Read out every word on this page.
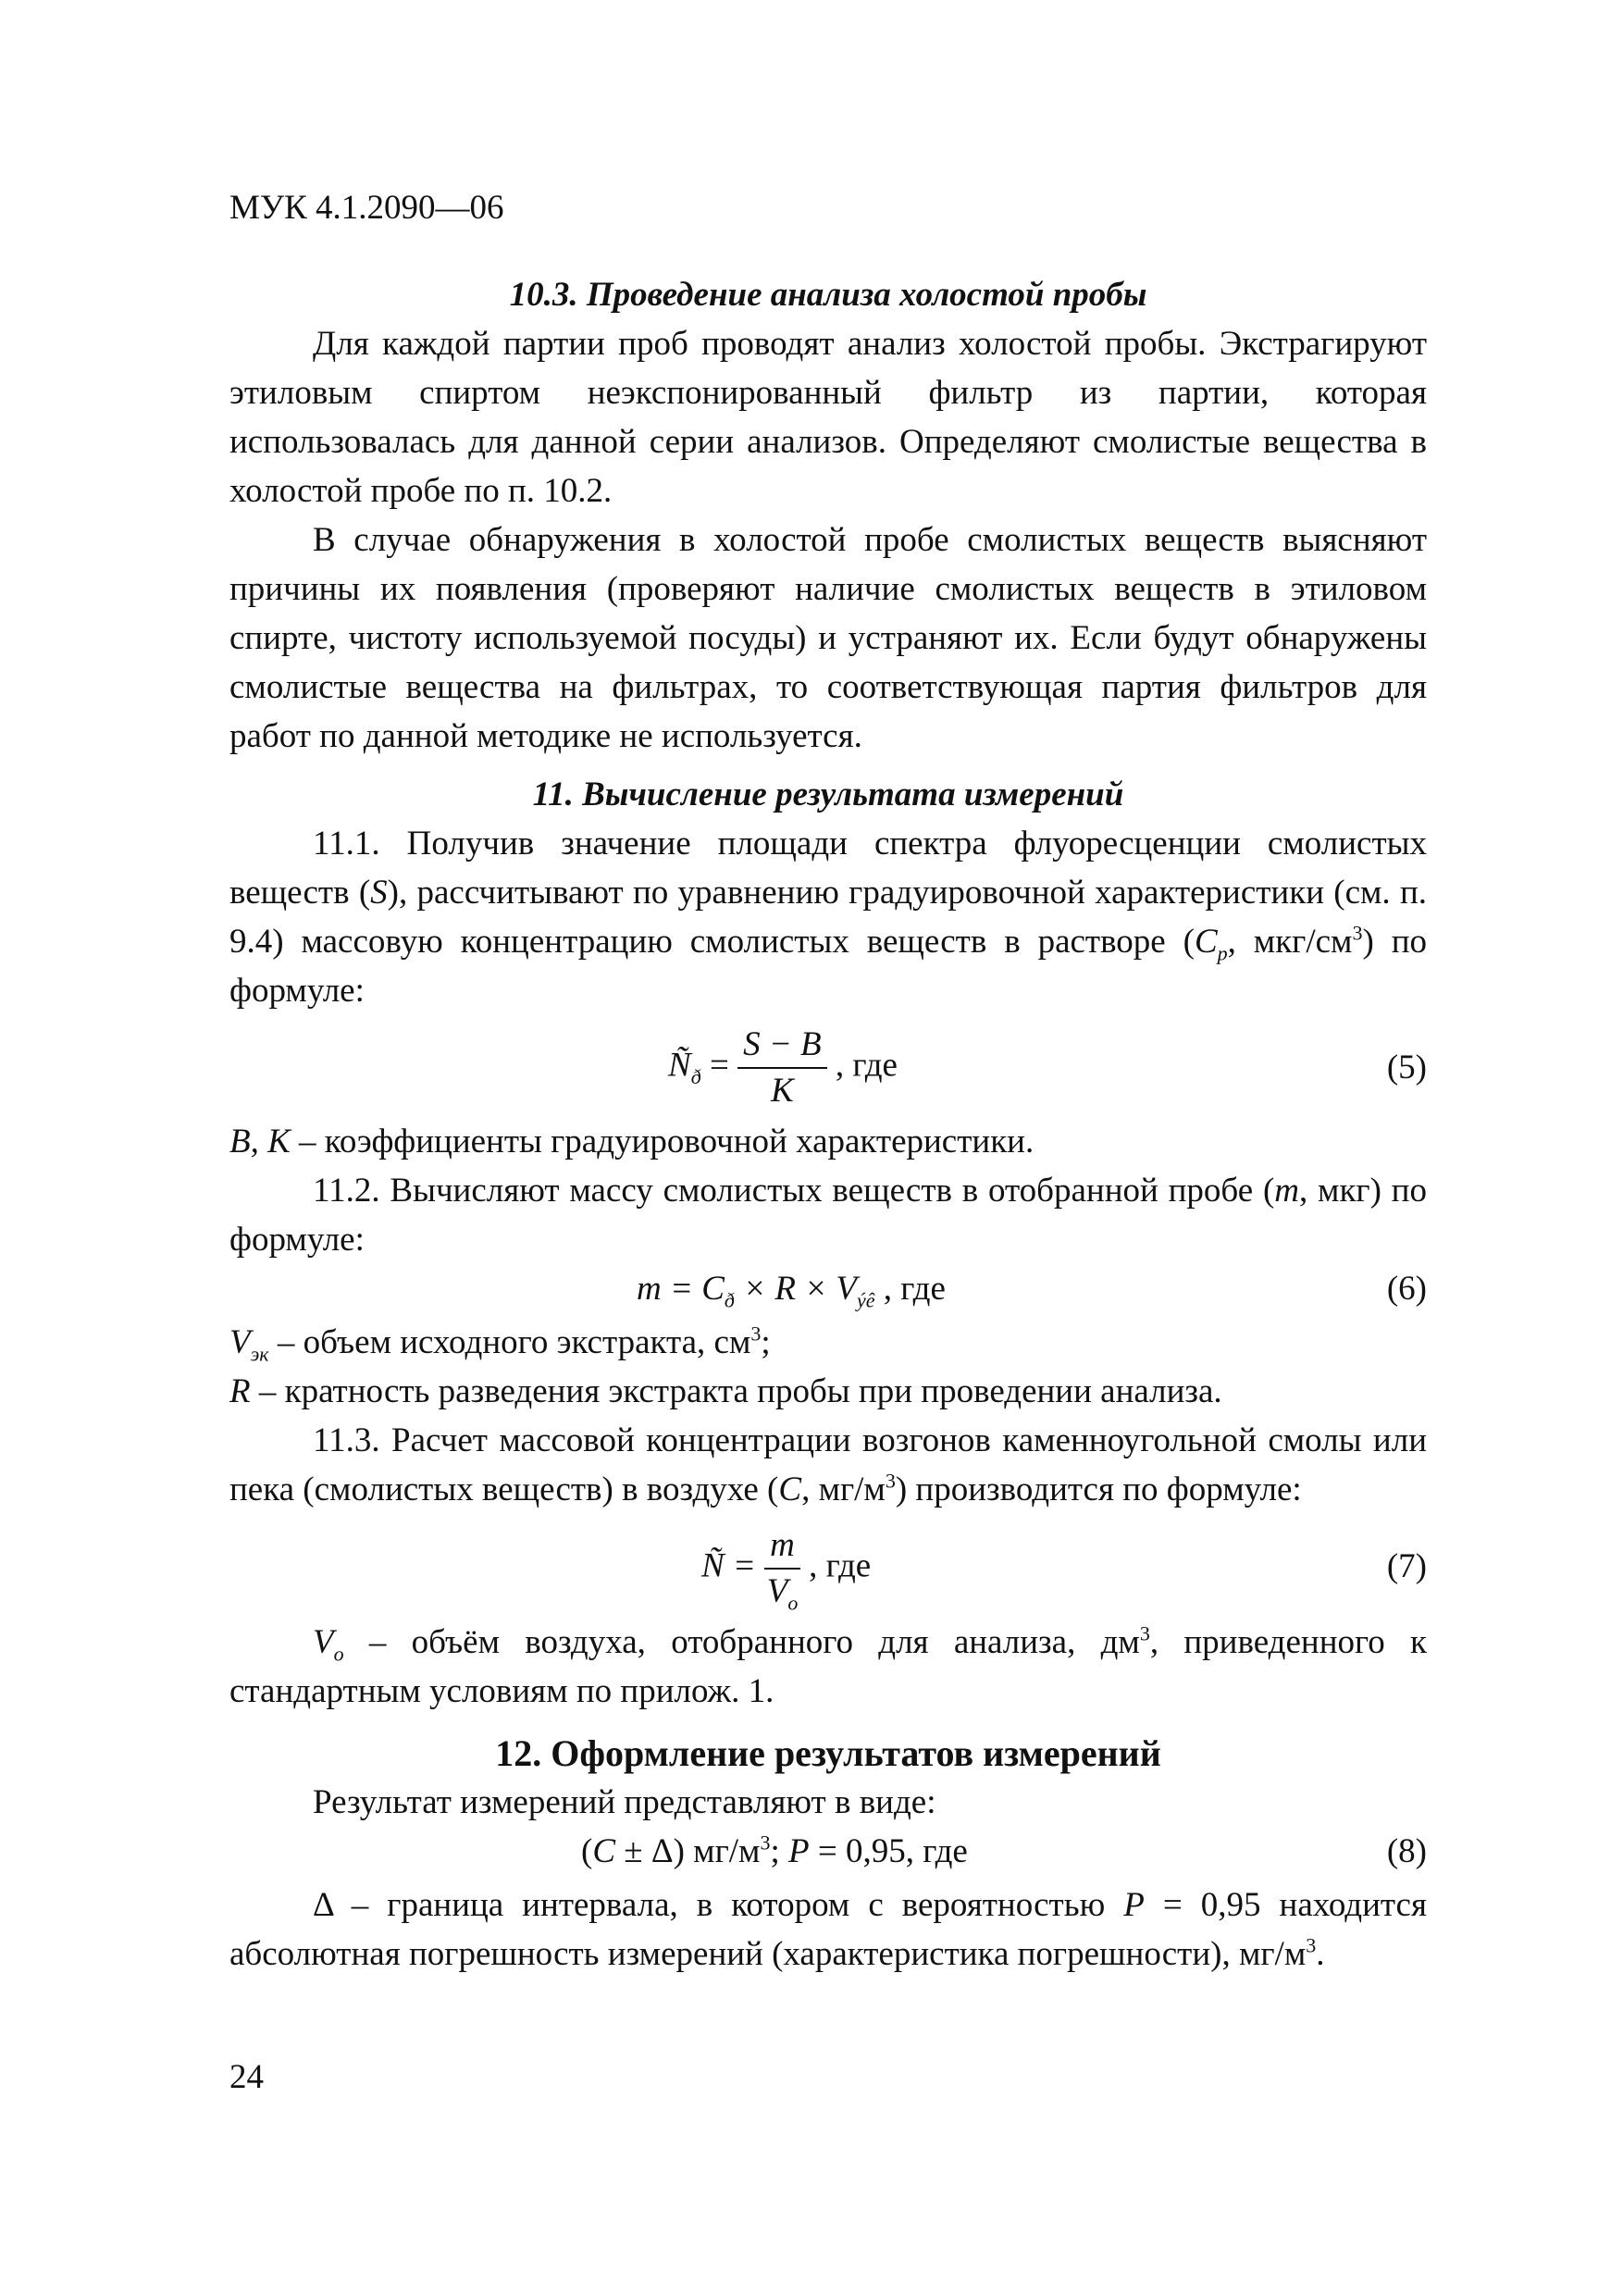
МУК 4.1.2090—06

10.3. Проведение анализа холостой пробы

Для каждой партии проб проводят анализ холостой пробы. Экстрагируют этиловым спиртом неэкспонированный фильтр из партии, которая использовалась для данной серии анализов. Определяют смолистые вещества в холостой пробе по п. 10.2.

В случае обнаружения в холостой пробе смолистых веществ выясняют причины их появления (проверяют наличие смолистых веществ в этиловом спирте, чистоту используемой посуды) и устраняют их. Если будут обнаружены смолистые вещества на фильтрах, то соответствующая партия фильтров для работ по данной методике не используется.

11. Вычисление результата измерений

11.1. Получив значение площади спектра флуоресценции смолистых веществ (S), рассчитывают по уравнению градуировочной характеристики (см. п. 9.4) массовую концентрацию смолистых веществ в растворе ($C_p$, мкг/$см^3$) по формуле:

$Ñ_ð = \frac{S - B}{K}$ , где	(5)

B, K – коэффициенты градуировочной характеристики.

11.2. Вычисляют массу смолистых веществ в отобранной пробе (m, мкг) по формуле:

$m = C_ð \times R \times V_{ýê}$ , где	(6)

$V_{эк}$ – объем исходного экстракта, $см^3$;

R – кратность разведения экстракта пробы при проведении анализа.

11.3. Расчет массовой концентрации возгонов каменноугольной смолы или пека (смолистых веществ) в воздухе (C, $мг/м^3$) производится по формуле:

Ñ = $\frac{m}{V_o}$ , где	(7)

$V_o$ – объём воздуха, отобранного для анализа, $дм^3$, приведенного к стандартным условиям по прилож. 1.

12. Оформление результатов измерений

Результат измерений представляют в виде:

(C ± Δ) $мг/м^3$; P = 0,95, где	(8)

Δ – граница интервала, в котором с вероятностью P = 0,95 находится абсолютная погрешность измерений (характеристика погрешности), $мг/м^3$.

24
